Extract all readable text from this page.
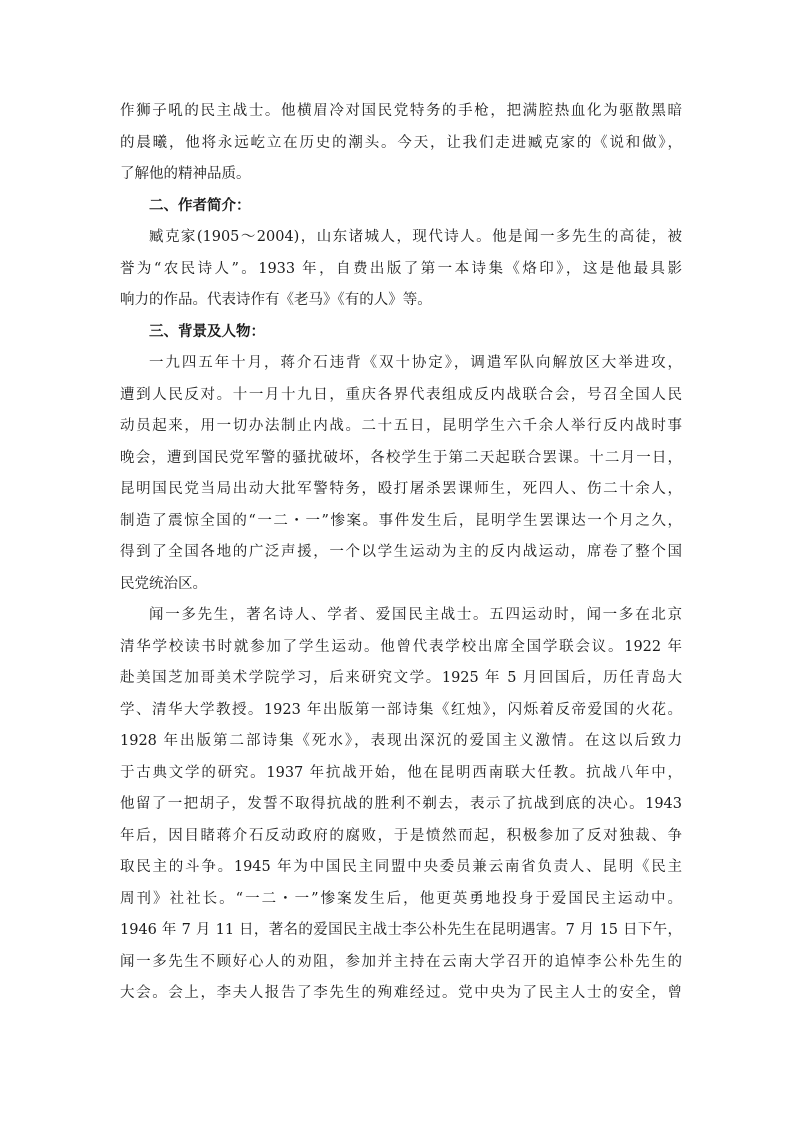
作狮子吼的民主战士。他横眉冷对国民党特务的手枪，把满腔热血化为驱散黑暗
的晨曦，他将永远屹立在历史的潮头。今天，让我们走进臧克家的《说和做》，
了解他的精神品质。
二、作者简介：
臧克家(1905～2004)，山东诸城人，现代诗人。他是闻一多先生的高徒，被
誉为“农民诗人”。1933 年，自费出版了第一本诗集《烙印》，这是他最具影
响力的作品。代表诗作有《老马》《有的人》等。
三、背景及人物：
一九四五年十月，蒋介石违背《双十协定》，调遣军队向解放区大举进攻，
遭到人民反对。十一月十九日，重庆各界代表组成反内战联合会，号召全国人民
动员起来，用一切办法制止内战。二十五日，昆明学生六千余人举行反内战时事
晚会，遭到国民党军警的骚扰破坏，各校学生于第二天起联合罢课。十二月一日，
昆明国民党当局出动大批军警特务，殴打屠杀罢课师生，死四人、伤二十余人，
制造了震惊全国的“一二・一”惨案。事件发生后，昆明学生罢课达一个月之久，
得到了全国各地的广泛声援，一个以学生运动为主的反内战运动，席卷了整个国
民党统治区。
闻一多先生，著名诗人、学者、爱国民主战士。五四运动时，闻一多在北京
清华学校读书时就参加了学生运动。他曾代表学校出席全国学联会议。1922 年
赴美国芝加哥美术学院学习，后来研究文学。1925 年 5 月回国后，历任青岛大
学、清华大学教授。1923 年出版第一部诗集《红烛》，闪烁着反帝爱国的火花。
1928 年出版第二部诗集《死水》，表现出深沉的爱国主义激情。在这以后致力
于古典文学的研究。1937 年抗战开始，他在昆明西南联大任教。抗战八年中，
他留了一把胡子，发誓不取得抗战的胜利不剃去，表示了抗战到底的决心。1943
年后，因目睹蒋介石反动政府的腐败，于是愤然而起，积极参加了反对独裁、争
取民主的斗争。1945 年为中国民主同盟中央委员兼云南省负责人、昆明《民主
周刊》社社长。“一二・一”惨案发生后，他更英勇地投身于爱国民主运动中。
1946 年 7 月 11 日，著名的爱国民主战士李公朴先生在昆明遇害。7 月 15 日下午，
闻一多先生不顾好心人的劝阻，参加并主持在云南大学召开的追悼李公朴先生的
大会。会上，李夫人报告了李先生的殉难经过。党中央为了民主人士的安全，曾
